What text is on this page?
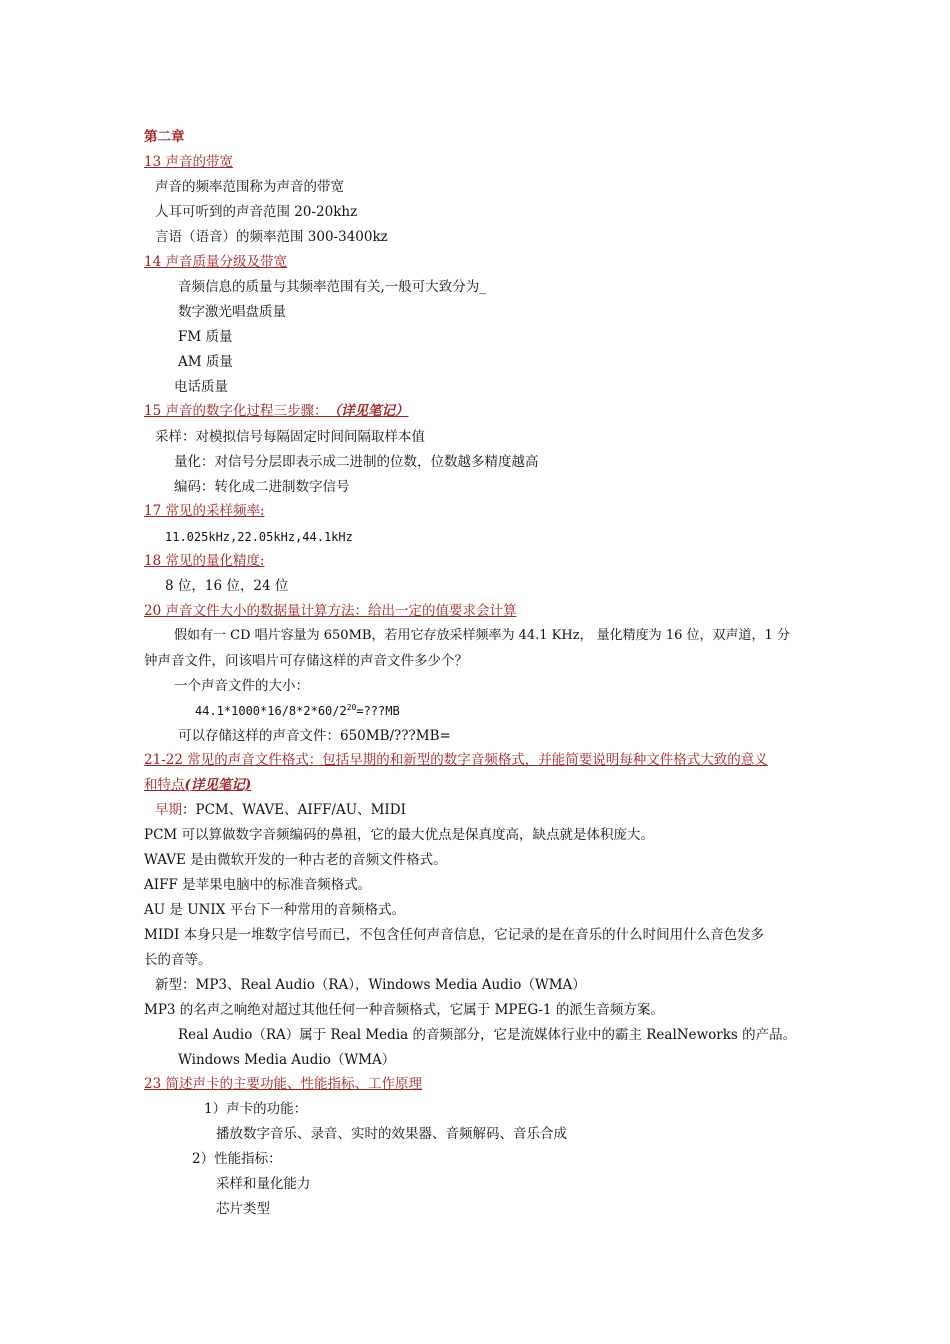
第二章
13 声音的带宽
声音的频率范围称为声音的带宽
人耳可听到的声音范围 20-20khz
言语（语音）的频率范围 300-3400kz
14 声音质量分级及带宽
音频信息的质量与其频率范围有关,一般可大致分为_
数字激光唱盘质量
FM 质量
AM 质量
电话质量
15 声音的数字化过程三步骤：（详见笔记）
采样：对模拟信号每隔固定时间间隔取样本值
量化：对信号分层即表示成二进制的位数，位数越多精度越高
编码：转化成二进制数字信号
17 常见的采样频率:
11.025kHz,22.05kHz,44.1kHz
18 常见的量化精度:
8 位，16 位，24 位
20 声音文件大小的数据量计算方法：给出一定的值要求会计算
假如有一 CD 唱片容量为 650MB，若用它存放采样频率为 44.1 KHz， 量化精度为 16 位，双声道，1 分
钟声音文件，问该唱片可存储这样的声音文件多少个？
一个声音文件的大小：
$44.1*1000*16/8*2*60/2^{20}=???MB$
可以存储这样的声音文件：650MB/???MB=
21-22 常见的声音文件格式：包括早期的和新型的数字音频格式，并能简要说明每种文件格式大致的意义
和特点(详见笔记)
早期：PCM、WAVE、AIFF/AU、MIDI
PCM 可以算做数字音频编码的鼻祖，它的最大优点是保真度高，缺点就是体积庞大。
WAVE 是由微软开发的一种古老的音频文件格式。
AIFF 是苹果电脑中的标准音频格式。
AU 是 UNIX 平台下一种常用的音频格式。
MIDI 本身只是一堆数字信号而已，不包含任何声音信息，它记录的是在音乐的什么时间用什么音色发多
长的音等。
新型：MP3、Real Audio（RA），Windows Media Audio（WMA）
MP3 的名声之响绝对超过其他任何一种音频格式，它属于 MPEG-1 的派生音频方案。
Real Audio（RA）属于 Real Media 的音频部分，它是流媒体行业中的霸主 RealNeworks 的产品。
Windows Media Audio（WMA）
23 简述声卡的主要功能、性能指标、工作原理
1）声卡的功能：
播放数字音乐、录音、实时的效果器、音频解码、音乐合成
2）性能指标：
采样和量化能力
芯片类型
